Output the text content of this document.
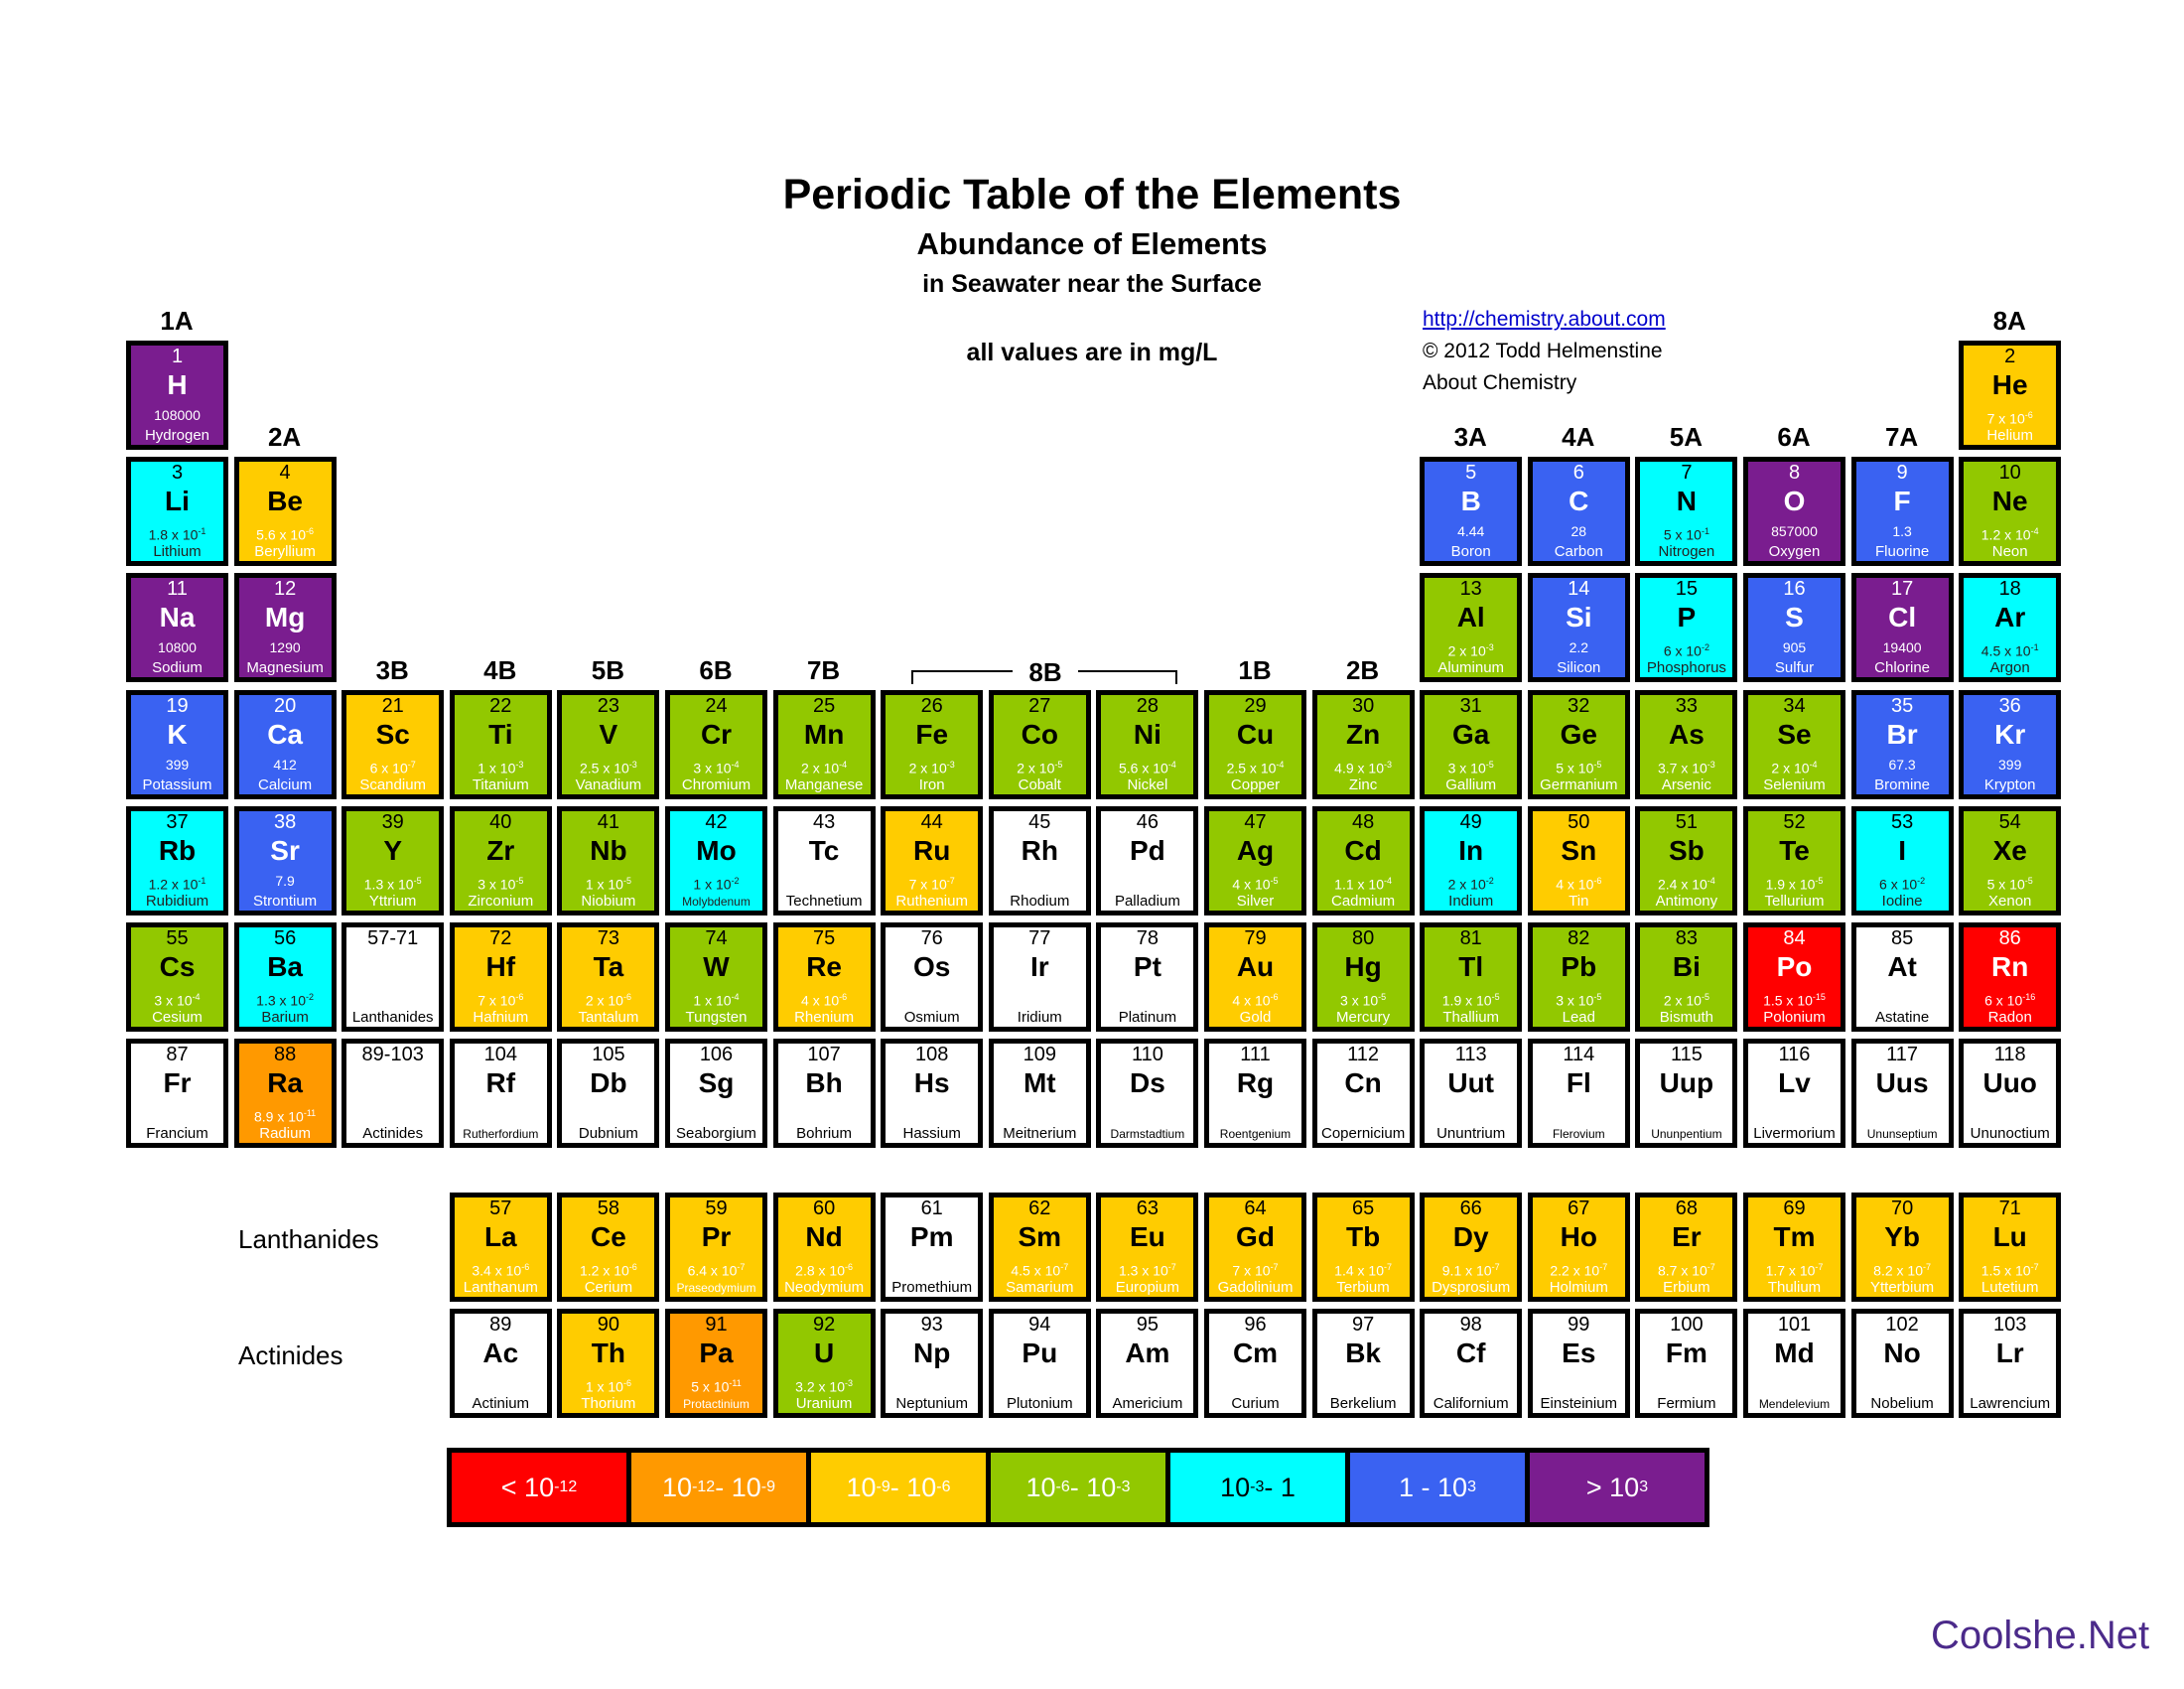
Periodic Table of the Elements
Abundance of Elements
in Seawater near the Surface
all values are in mg/L
http://chemistry.about.com
© 2012 Todd Helmenstine
About Chemistry
1A
2A
3B	4B	5B	6B	7B	8B	1B	2B
3A	4A	5A	6A	7A
8A
1
H
108000
Hydrogen
2
He
7 x $10^{-6}$
Helium
3
Li
1.8 x $10^{-1}$
Lithium
4
Be
5.6 x $10^{-6}$
Beryllium
5
B
4.44
Boron
6
C
28
Carbon
7
N
5 x $10^{-1}$
Nitrogen
8
O
857000
Oxygen
9
F
1.3
Fluorine
10
Ne
1.2 x $10^{-4}$
Neon
11
Na
10800
Sodium
12
Mg
1290
Magnesium
13
Al
2 x $10^{-3}$
Aluminum
14
Si
2.2
Silicon
15
P
6 x $10^{-2}$
Phosphorus
16
S
905
Sulfur
17
Cl
19400
Chlorine
18
Ar
4.5 x $10^{-1}$
Argon
19
K
399
Potassium
20
Ca
412
Calcium
21
Sc
6 x $10^{-7}$
Scandium
22
Ti
1 x $10^{-3}$
Titanium
23
V
2.5 x $10^{-3}$
Vanadium
24
Cr
3 x $10^{-4}$
Chromium
25
Mn
2 x $10^{-4}$
Manganese
26
Fe
2 x $10^{-3}$
Iron
27
Co
2 x $10^{-5}$
Cobalt
28
Ni
5.6 x $10^{-4}$
Nickel
29
Cu
2.5 x $10^{-4}$
Copper
30
Zn
4.9 x $10^{-3}$
Zinc
31
Ga
3 x $10^{-5}$
Gallium
32
Ge
5 x $10^{-5}$
Germanium
33
As
3.7 x $10^{-3}$
Arsenic
34
Se
2 x $10^{-4}$
Selenium
35
Br
67.3
Bromine
36
Kr
399
Krypton
37
Rb
1.2 x $10^{-1}$
Rubidium
38
Sr
7.9
Strontium
39
Y
1.3 x $10^{-5}$
Yttrium
40
Zr
3 x $10^{-5}$
Zirconium
41
Nb
1 x $10^{-5}$
Niobium
42
Mo
1 x $10^{-2}$
Molybdenum
43
Tc
Technetium
44
Ru
7 x $10^{-7}$
Ruthenium
45
Rh
Rhodium
46
Pd
Palladium
47
Ag
4 x $10^{-5}$
Silver
48
Cd
1.1 x $10^{-4}$
Cadmium
49
In
2 x $10^{-2}$
Indium
50
Sn
4 x $10^{-6}$
Tin
51
Sb
2.4 x $10^{-4}$
Antimony
52
Te
1.9 x $10^{-5}$
Tellurium
53
I
6 x $10^{-2}$
Iodine
54
Xe
5 x $10^{-5}$
Xenon
55
Cs
3 x $10^{-4}$
Cesium
56
Ba
1.3 x $10^{-2}$
Barium
57-71
Lanthanides
72
Hf
7 x $10^{-6}$
Hafnium
73
Ta
2 x $10^{-6}$
Tantalum
74
W
1 x $10^{-4}$
Tungsten
75
Re
4 x $10^{-6}$
Rhenium
76
Os
Osmium
77
Ir
Iridium
78
Pt
Platinum
79
Au
4 x $10^{-6}$
Gold
80
Hg
3 x $10^{-5}$
Mercury
81
Tl
1.9 x $10^{-5}$
Thallium
82
Pb
3 x $10^{-5}$
Lead
83
Bi
2 x $10^{-5}$
Bismuth
84
Po
1.5 x $10^{-15}$
Polonium
85
At
Astatine
86
Rn
6 x $10^{-16}$
Radon
87
Fr
Francium
88
Ra
8.9 x $10^{-11}$
Radium
89-103
Actinides
104
Rf
Rutherfordium
105
Db
Dubnium
106
Sg
Seaborgium
107
Bh
Bohrium
108
Hs
Hassium
109
Mt
Meitnerium
110
Ds
Darmstadtium
111
Rg
Roentgenium
112
Cn
Copernicium
113
Uut
Ununtrium
114
Fl
Flerovium
115
Uup
Ununpentium
116
Lv
Livermorium
117
Uus
Ununseptium
118
Uuo
Ununoctium
57
La
3.4 x $10^{-6}$
Lanthanum
58
Ce
1.2 x $10^{-6}$
Cerium
59
Pr
6.4 x $10^{-7}$
Praseodymium
60
Nd
2.8 x $10^{-6}$
Neodymium
61
Pm
Promethium
62
Sm
4.5 x $10^{-7}$
Samarium
63
Eu
1.3 x $10^{-7}$
Europium
64
Gd
7 x $10^{-7}$
Gadolinium
65
Tb
1.4 x $10^{-7}$
Terbium
66
Dy
9.1 x $10^{-7}$
Dysprosium
67
Ho
2.2 x $10^{-7}$
Holmium
68
Er
8.7 x $10^{-7}$
Erbium
69
Tm
1.7 x $10^{-7}$
Thulium
70
Yb
8.2 x $10^{-7}$
Ytterbium
71
Lu
1.5 x $10^{-7}$
Lutetium
89
Ac
Actinium
90
Th
1 x $10^{-6}$
Thorium
91
Pa
5 x $10^{-11}$
Protactinium
92
U
3.2 x $10^{-3}$
Uranium
93
Np
Neptunium
94
Pu
Plutonium
95
Am
Americium
96
Cm
Curium
97
Bk
Berkelium
98
Cf
Californium
99
Es
Einsteinium
100
Fm
Fermium
101
Md
Mendelevium
102
No
Nobelium
103
Lr
Lawrencium
Lanthanides
Actinides
< 10 -12	10 -12 - 10 -9	10 -9 - 10 -6	10 -6 - 10 -3	10 -3 - 1	1 - 10 3	> 10 3
Coolshe.Net
